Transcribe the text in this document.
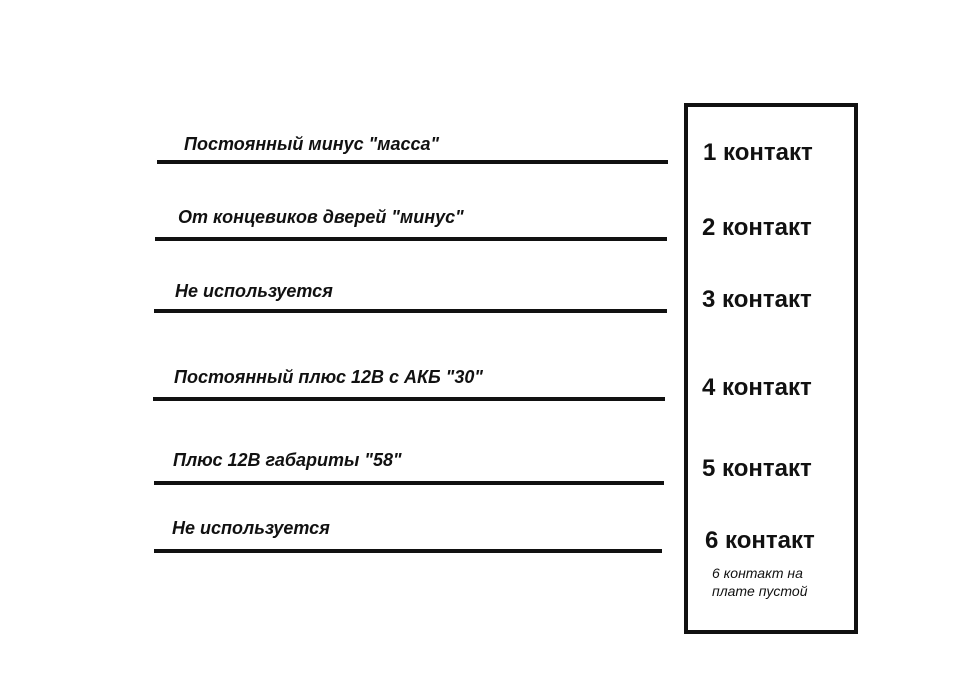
Постоянный минус "масса"
От концевиков дверей "минус"
Не используется
Постоянный плюс 12В с АКБ "30"
Плюс 12В габариты "58"
Не используется
1 контакт
2 контакт
3 контакт
4 контакт
5 контакт
6 контакт
6 контакт на плате пустой
